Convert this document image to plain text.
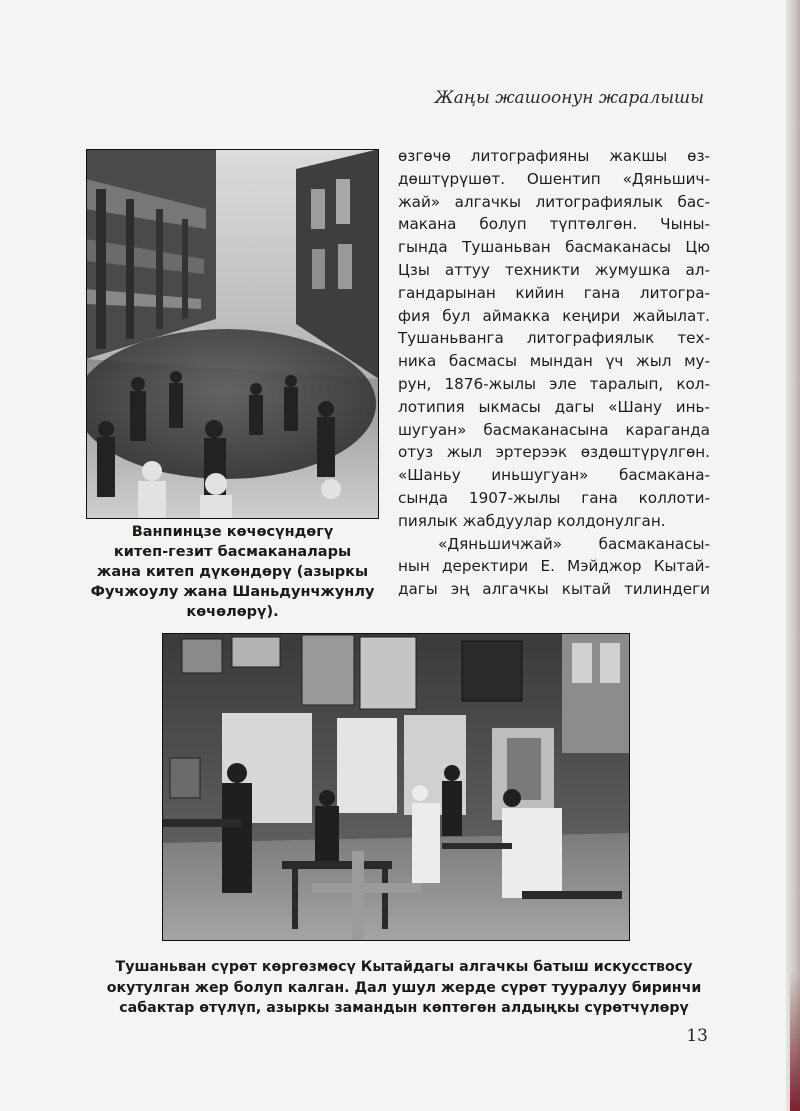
Жаңы жашоонун жаралышы
Ванпинцзе көчөсүндөгү
китеп-гезит басмаканалары
жана китеп дүкөндөрү (азыркы
Фучжоулу жана Шаньдунчжунлу
көчөлөрү).
өзгөчө литографияны жакшы өз-
дөштүрүшөт. Ошентип «Дяньшич-
жай» алгачкы литографиялык бас-
макана болуп түптөлгөн. Чыны-
гында Тушаньван басмаканасы Цю
Цзы аттуу техникти жумушка ал-
гандарынан кийин гана литогра-
фия бул аймакка кеңири жайылат.
Тушаньванга литографиялык тех-
ника басмасы мындан үч жыл му-
рун, 1876-жылы эле таралып, кол-
лотипия ыкмасы дагы «Шану инь-
шугуан» басмаканасына караганда
отуз жыл эртерээк өздөштүрүлгөн.
«Шаньу иньшугуан» басмакана-
сында 1907-жылы гана коллоти-
пиялык жабдуулар колдонулган.
«Дяньшичжай» басмаканасы-
нын деректири Е. Мэйджор Кытай-
дагы эң алгачкы кытай тилиндеги
Тушаньван сүрөт көргөзмөсү Кытайдагы алгачкы батыш искусствосу
окутулган жер болуп калган. Дал ушул жерде сүрөт тууралуу биринчи
сабактар өтүлүп, азыркы замандын көптөгөн алдыңкы сүрөтчүлөрү
13
